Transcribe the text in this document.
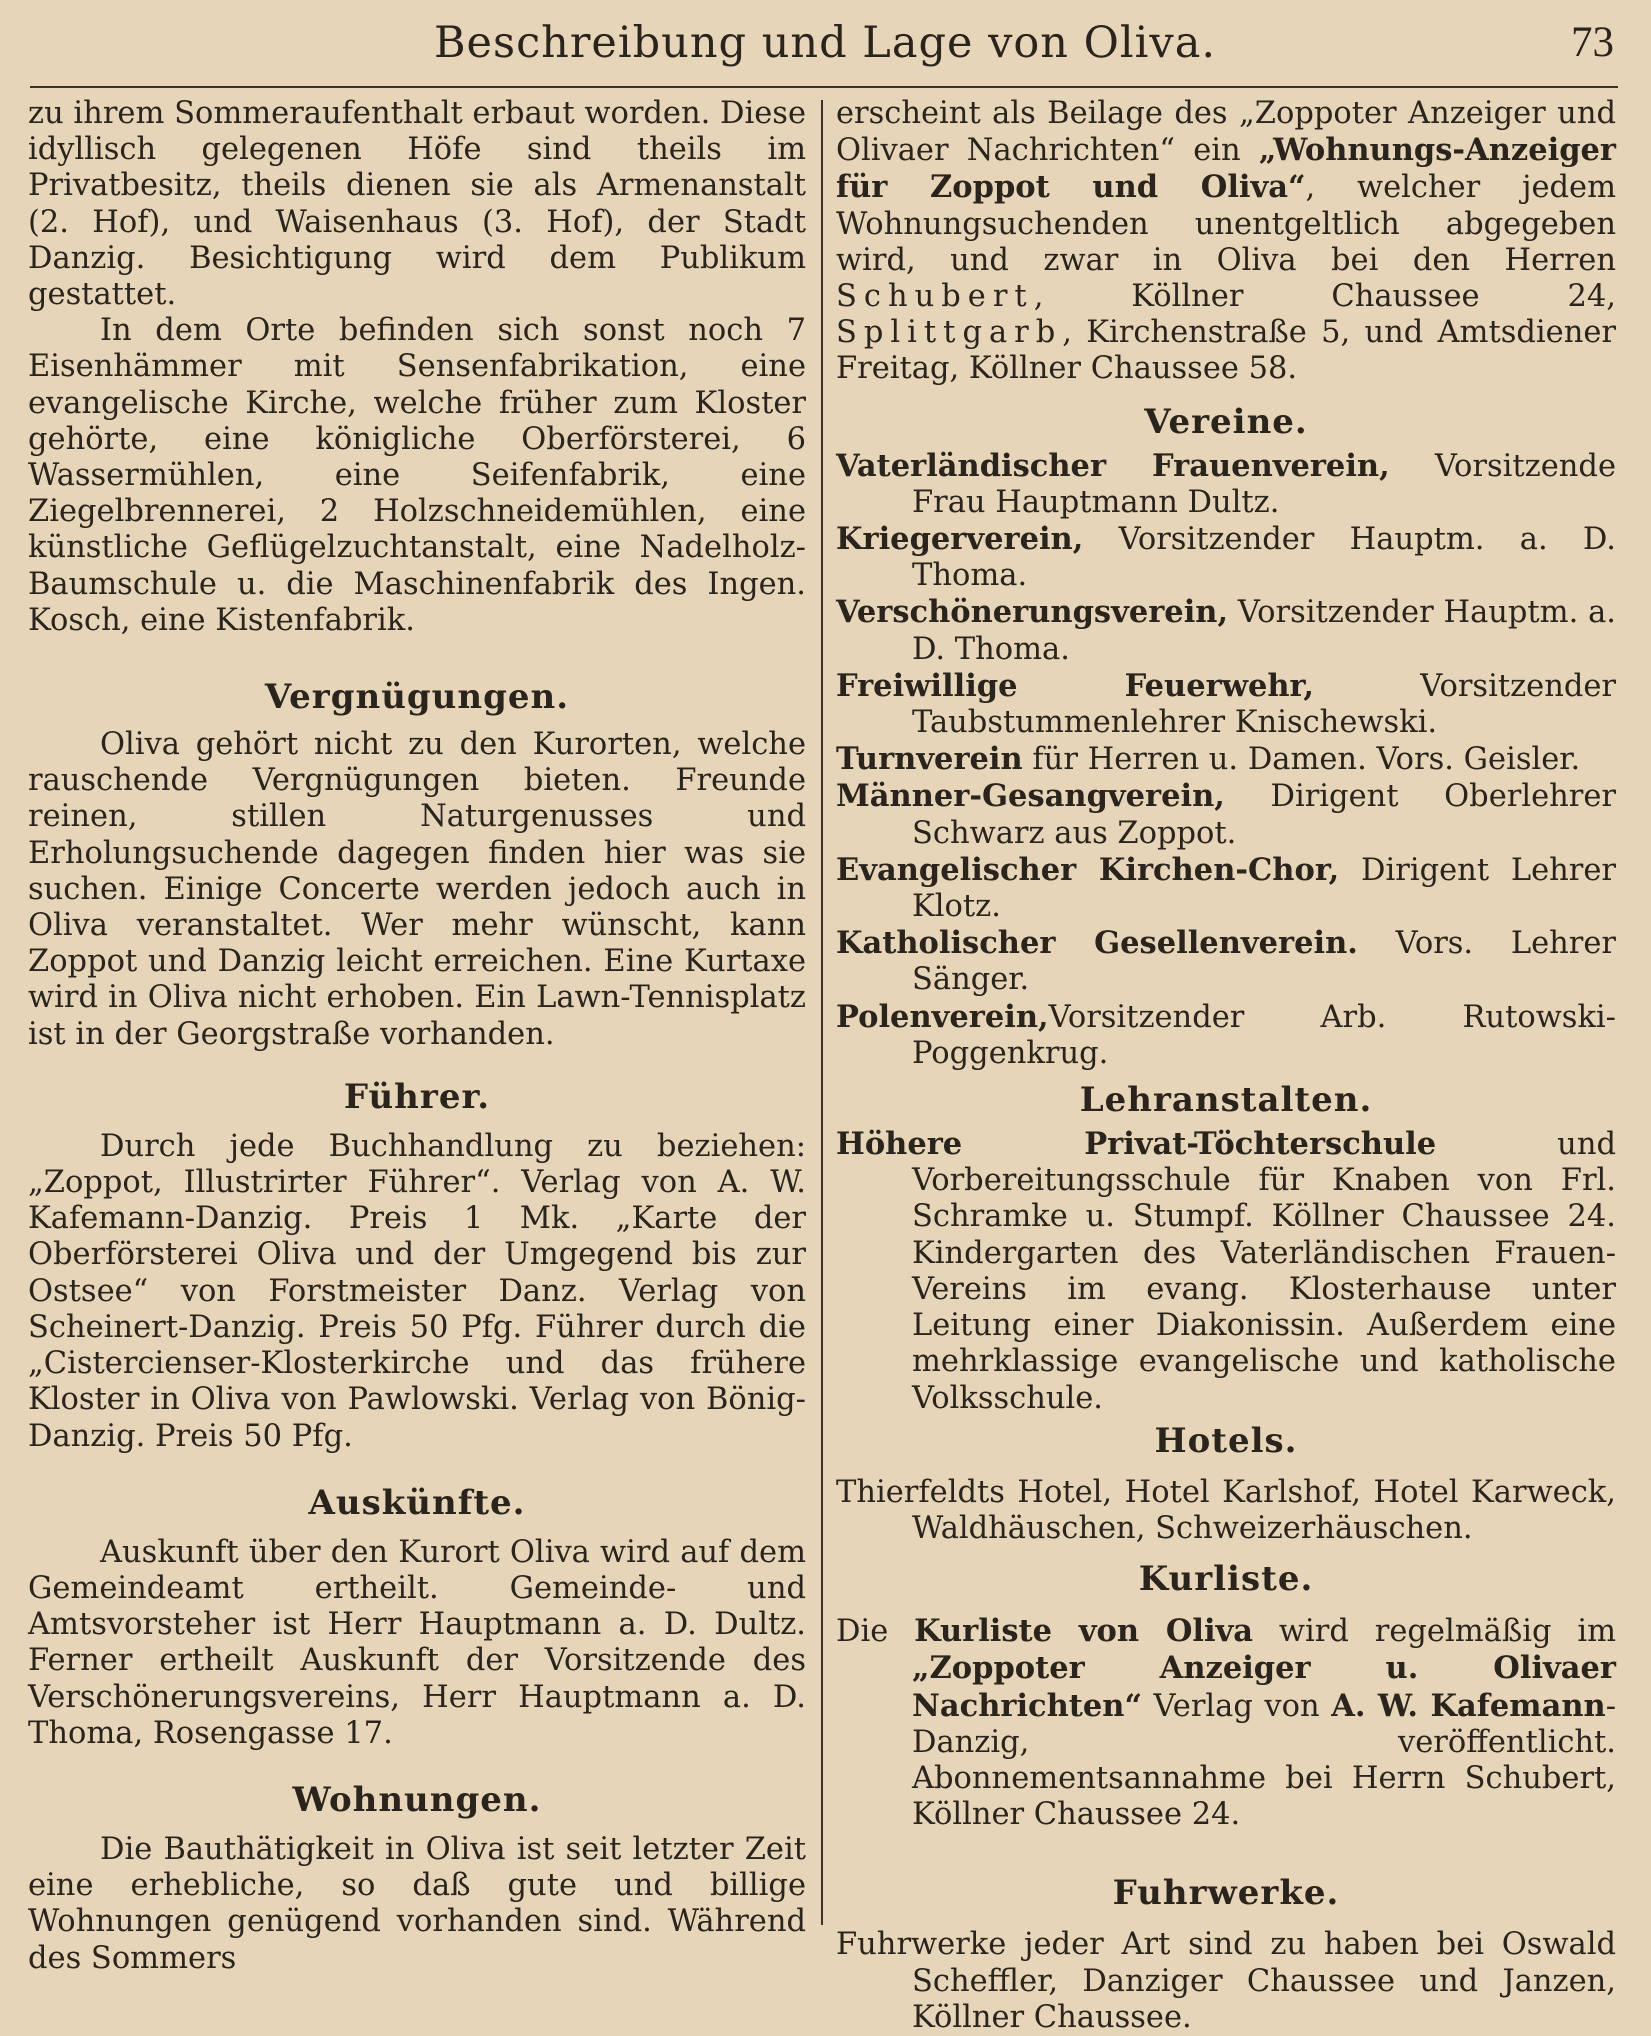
Beschreibung und Lage von Oliva.	73

zu ihrem Sommeraufenthalt erbaut worden. Diese idyllisch gelegenen Höfe sind theils im Privatbesitz, theils dienen sie als Armenanstalt (2. Hof), und Waisenhaus (3. Hof), der Stadt Danzig. Besichtigung wird dem Publikum gestattet.

In dem Orte befinden sich sonst noch 7 Eisenhämmer mit Sensenfabrikation, eine evangelische Kirche, welche früher zum Kloster gehörte, eine königliche Oberförsterei, 6 Wassermühlen, eine Seifenfabrik, eine Ziegelbrennerei, 2 Holzschneidemühlen, eine künstliche Geflügelzuchtanstalt, eine Nadelholz-Baumschule u. die Maschinenfabrik des Ingen. Kosch, eine Kistenfabrik.

Vergnügungen.

Oliva gehört nicht zu den Kurorten, welche rauschende Vergnügungen bieten. Freunde reinen, stillen Naturgenusses und Erholungsuchende dagegen finden hier was sie suchen. Einige Concerte werden jedoch auch in Oliva veranstaltet. Wer mehr wünscht, kann Zoppot und Danzig leicht erreichen. Eine Kurtaxe wird in Oliva nicht erhoben. Ein Lawn-Tennisplatz ist in der Georgstraße vorhanden.

Führer.

Durch jede Buchhandlung zu beziehen: „Zoppot, Illustrirter Führer“. Verlag von A. W. Kafemann-Danzig. Preis 1 Mk. „Karte der Oberförsterei Oliva und der Umgegend bis zur Ostsee“ von Forstmeister Danz. Verlag von Scheinert-Danzig. Preis 50 Pfg. Führer durch die „Cistercienser-Klosterkirche und das frühere Kloster in Oliva von Pawlowski. Verlag von Bönig-Danzig. Preis 50 Pfg.

Auskünfte.

Auskunft über den Kurort Oliva wird auf dem Gemeindeamt ertheilt. Gemeinde- und Amtsvorsteher ist Herr Hauptmann a. D. Dultz. Ferner ertheilt Auskunft der Vorsitzende des Verschönerungsvereins, Herr Hauptmann a. D. Thoma, Rosengasse 17.

Wohnungen.

Die Bauthätigkeit in Oliva ist seit letzter Zeit eine erhebliche, so daß gute und billige Wohnungen genügend vorhanden sind. Während des Sommers

erscheint als Beilage des „Zoppoter Anzeiger und Olivaer Nachrichten“ ein „Wohnungs-Anzeiger für Zoppot und Oliva“, welcher jedem Wohnungsuchenden unentgeltlich abgegeben wird, und zwar in Oliva bei den Herren Schubert, Köllner Chaussee 24, Splittgarb, Kirchenstraße 5, und Amtsdiener Freitag, Köllner Chaussee 58.

Vereine.

Vaterländischer Frauenverein, Vorsitzende Frau Hauptmann Dultz.

Kriegerverein, Vorsitzender Hauptm. a. D. Thoma.

Verschönerungsverein, Vorsitzender Hauptm. a. D. Thoma.

Freiwillige Feuerwehr, Vorsitzender Taubstummenlehrer Knischewski.

Turnverein für Herren u. Damen. Vors. Geisler.

Männer-Gesangverein, Dirigent Oberlehrer Schwarz aus Zoppot.

Evangelischer Kirchen-Chor, Dirigent Lehrer Klotz.

Katholischer Gesellenverein. Vors. Lehrer Sänger.

Polenverein,Vorsitzender Arb. Rutowski-Poggenkrug.

Lehranstalten.

Höhere Privat-Töchterschule und Vorbereitungsschule für Knaben von Frl. Schramke u. Stumpf. Köllner Chaussee 24. Kindergarten des Vaterländischen Frauen-Vereins im evang. Klosterhause unter Leitung einer Diakonissin. Außerdem eine mehrklassige evangelische und katholische Volksschule.

Hotels.

Thierfeldts Hotel, Hotel Karlshof, Hotel Karweck, Waldhäuschen, Schweizerhäuschen.

Kurliste.

Die Kurliste von Oliva wird regelmäßig im „Zoppoter Anzeiger u. Olivaer Nachrichten“ Verlag von A. W. Kafemann-Danzig, veröffentlicht. Abonnementsannahme bei Herrn Schubert, Köllner Chaussee 24.

Fuhrwerke.

Fuhrwerke jeder Art sind zu haben bei Oswald Scheffler, Danziger Chaussee und Janzen, Köllner Chaussee.
